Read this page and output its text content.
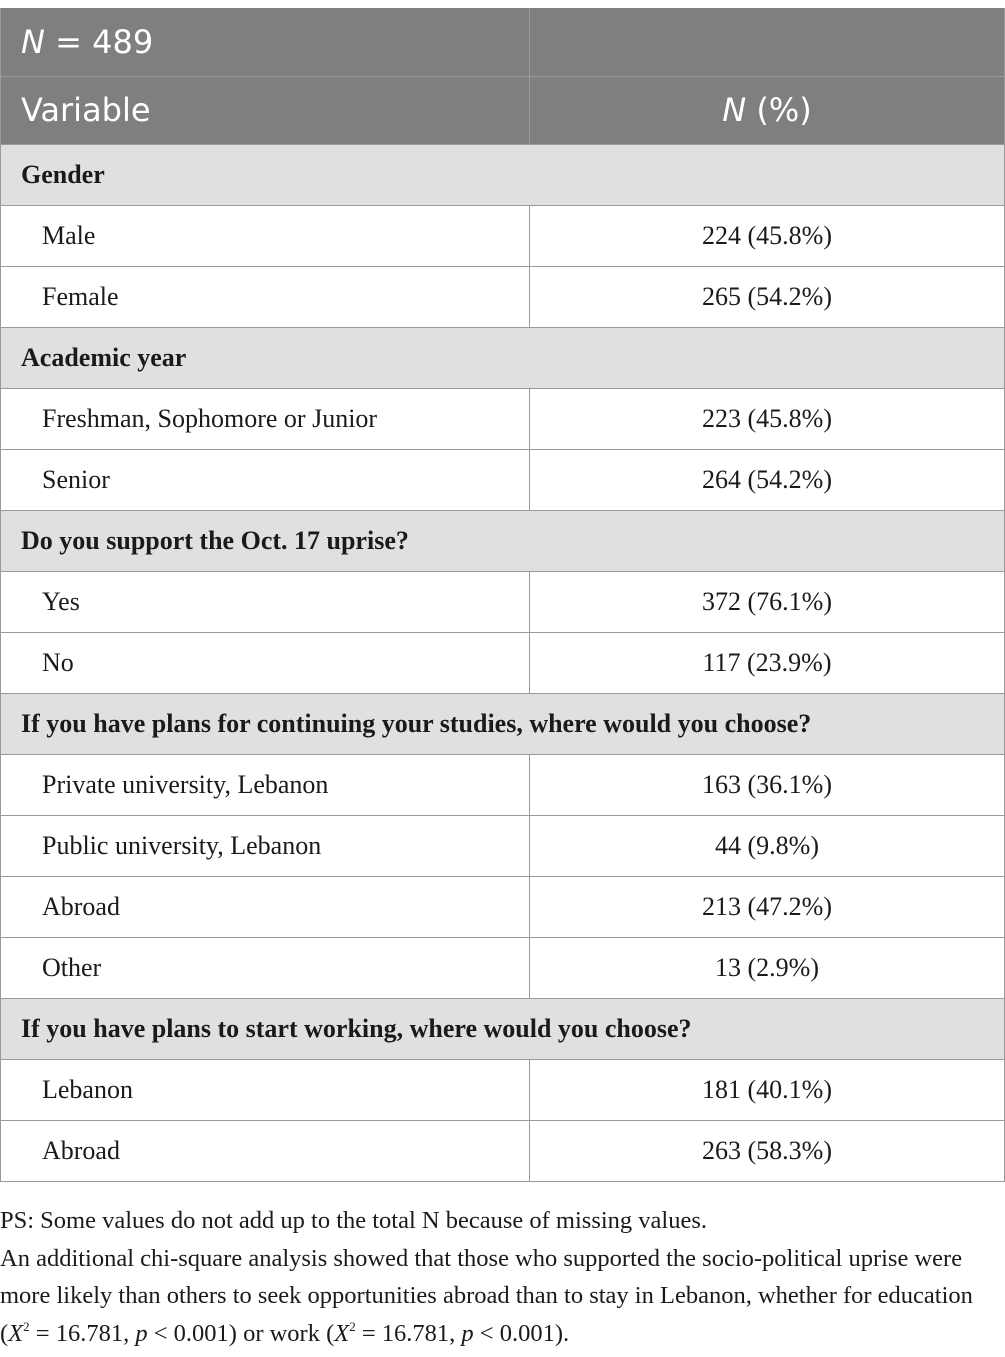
N = 489	
Variable	N (%)
Gender	
Male	224 (45.8%)
Female	265 (54.2%)
Academic year	
Freshman, Sophomore or Junior	223 (45.8%)
Senior	264 (54.2%)
Do you support the Oct. 17 uprise?	
Yes	372 (76.1%)
No	117 (23.9%)
If you have plans for continuing your studies, where would you choose?	
Private university, Lebanon	163 (36.1%)
Public university, Lebanon	44 (9.8%)
Abroad	213 (47.2%)
Other	13 (2.9%)
If you have plans to start working, where would you choose?	
Lebanon	181 (40.1%)
Abroad	263 (58.3%)

PS: Some values do not add up to the total N because of missing values.

An additional chi-square analysis showed that those who supported the socio-political uprise were more likely than others to seek opportunities abroad than to stay in Lebanon, whether for education ($X^2 = 16.781$, p < 0.001) or work ($X^2 = 16.781$, p < 0.001).
